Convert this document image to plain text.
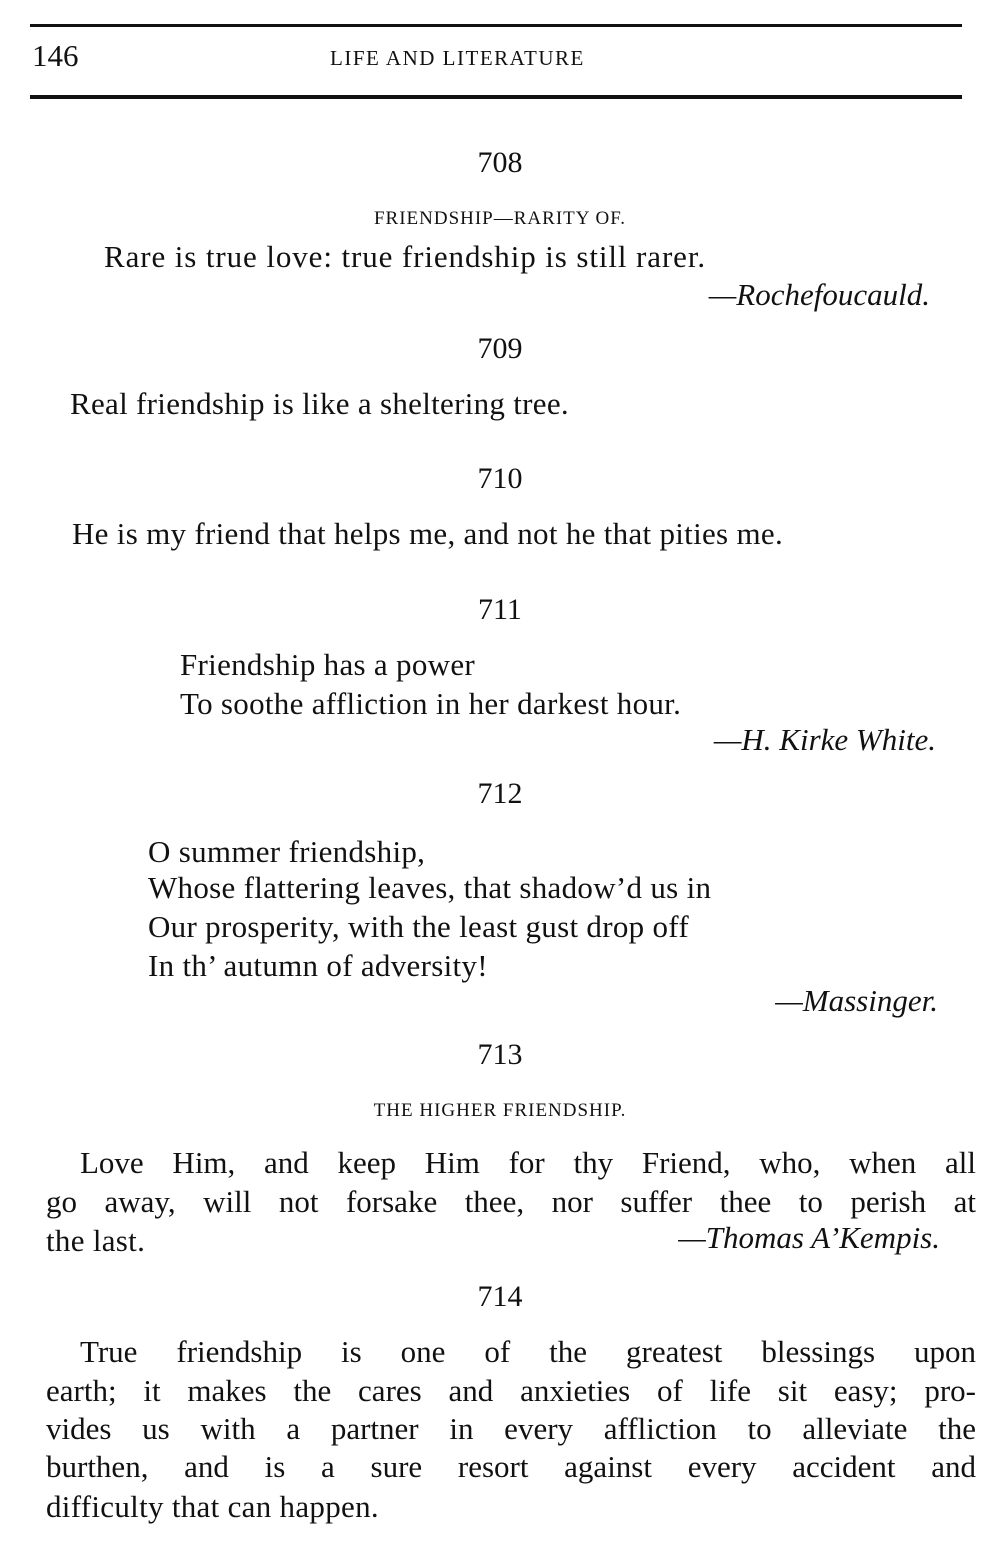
146	LIFE AND LITERATURE
708
FRIENDSHIP—RARITY OF.
Rare is true love: true friendship is still rarer.
—Rochefoucauld.
709
Real friendship is like a sheltering tree.
710
He is my friend that helps me, and not he that pities me.
711
Friendship has a power
To soothe affliction in her darkest hour.
—H. Kirke White.
712
O summer friendship,
Whose flattering leaves, that shadow’d us in
Our prosperity, with the least gust drop off
In th’ autumn of adversity!
—Massinger.
713
THE HIGHER FRIENDSHIP.
Love Him, and keep Him for thy Friend, who, when all
go away, will not forsake thee, nor suffer thee to perish at
the last.	—Thomas A’Kempis.
714
True friendship is one of the greatest blessings upon
earth; it makes the cares and anxieties of life sit easy; pro-
vides us with a partner in every affliction to alleviate the
burthen, and is a sure resort against every accident and
difficulty that can happen.
